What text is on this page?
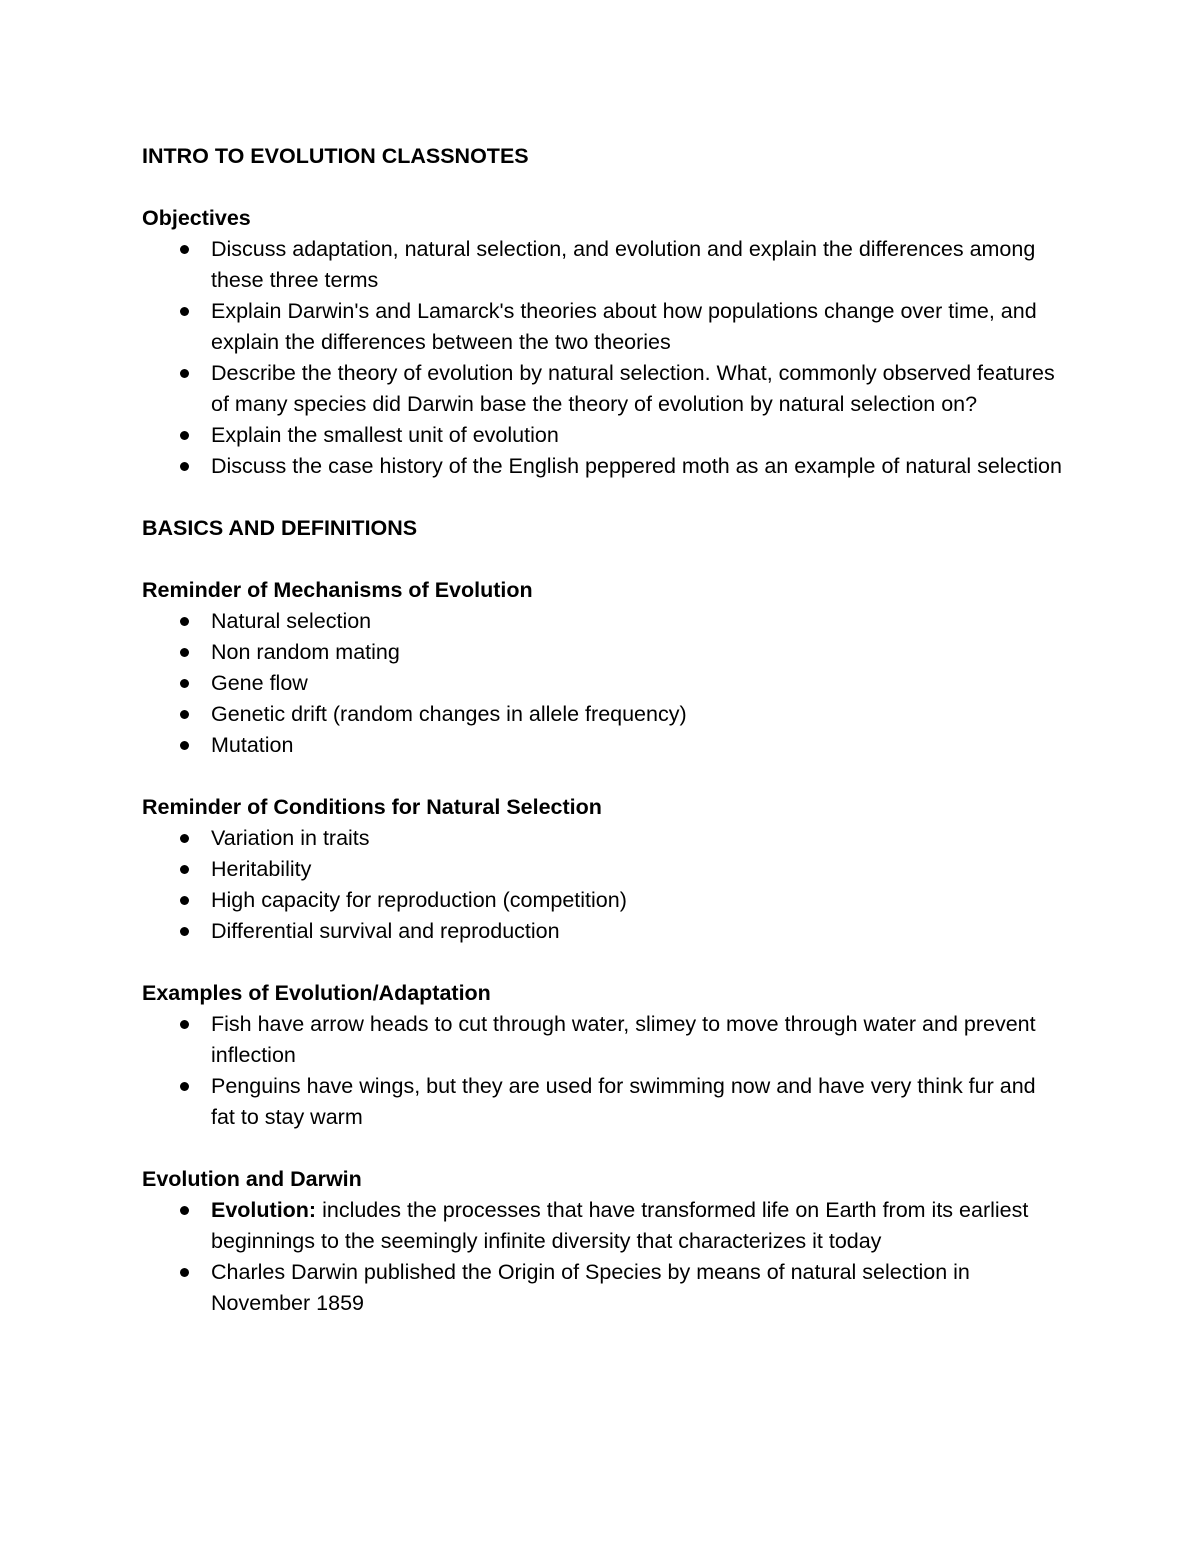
INTRO TO EVOLUTION CLASSNOTES
Objectives
Discuss adaptation, natural selection, and evolution and explain the differences among these three terms
Explain Darwin's and Lamarck's theories about how populations change over time, and explain the differences between the two theories
Describe the theory of evolution by natural selection. What, commonly observed features of many species did Darwin base the theory of evolution by natural selection on?
Explain the smallest unit of evolution
Discuss the case history of the English peppered moth as an example of natural selection
BASICS AND DEFINITIONS
Reminder of Mechanisms of Evolution
Natural selection
Non random mating
Gene flow
Genetic drift (random changes in allele frequency)
Mutation
Reminder of Conditions for Natural Selection
Variation in traits
Heritability
High capacity for reproduction (competition)
Differential survival and reproduction
Examples of Evolution/Adaptation
Fish have arrow heads to cut through water, slimey to move through water and prevent inflection
Penguins have wings, but they are used for swimming now and have very think fur and fat to stay warm
Evolution and Darwin
Evolution: includes the processes that have transformed life on Earth from its earliest beginnings to the seemingly infinite diversity that characterizes it today
Charles Darwin published the Origin of Species by means of natural selection in November 1859
